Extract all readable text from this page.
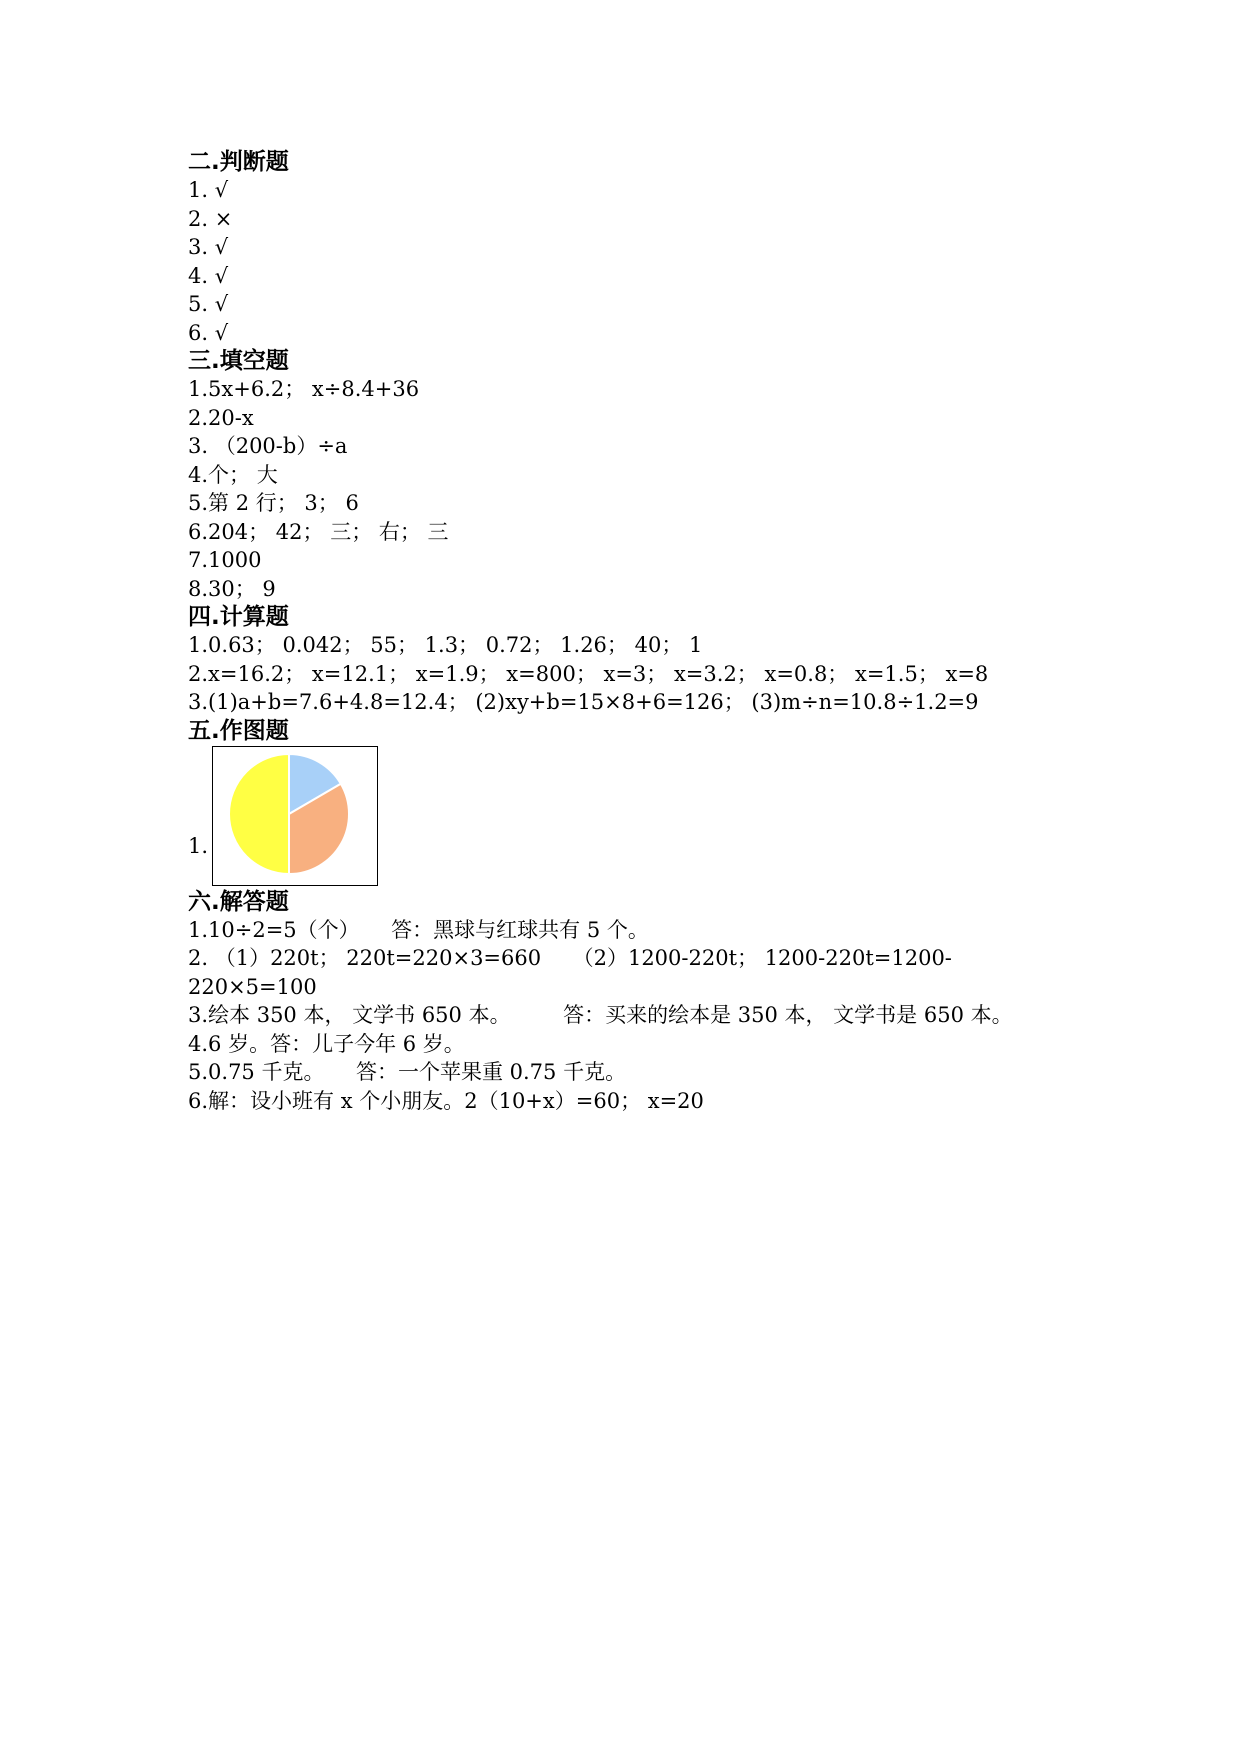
二.判断题
1. √
2. ×
3. √
4. √
5. √
6. √
三.填空题
1.5x+6.2； x÷8.4+36
2.20-x
3. （200-b）÷a
4.个； 大
5.第 2 行； 3； 6
6.204； 42； 三； 右； 三
7.1000
8.30； 9
四.计算题
1.0.63； 0.042； 55； 1.3； 0.72； 1.26； 40； 1
2.x=16.2； x=12.1； x=1.9； x=800； x=3； x=3.2； x=0.8； x=1.5； x=8
3.(1)a+b=7.6+4.8=12.4； (2)xy+b=15×8+6=126； (3)m÷n=10.8÷1.2=9
五.作图题
1.
六.解答题
1.10÷2=5（个）　　答：黑球与红球共有 5 个。
2. （1）220t； 220t=220×3=660　　（2）1200-220t； 1200-220t=1200-220×5=100
3.绘本 350 本， 文学书 650 本。　　　答：买来的绘本是 350 本， 文学书是 650 本。
4.6 岁。答：儿子今年 6 岁。
5.0.75 千克。　　答：一个苹果重 0.75 千克。
6.解：设小班有 x 个小朋友。2（10+x）=60； x=20
